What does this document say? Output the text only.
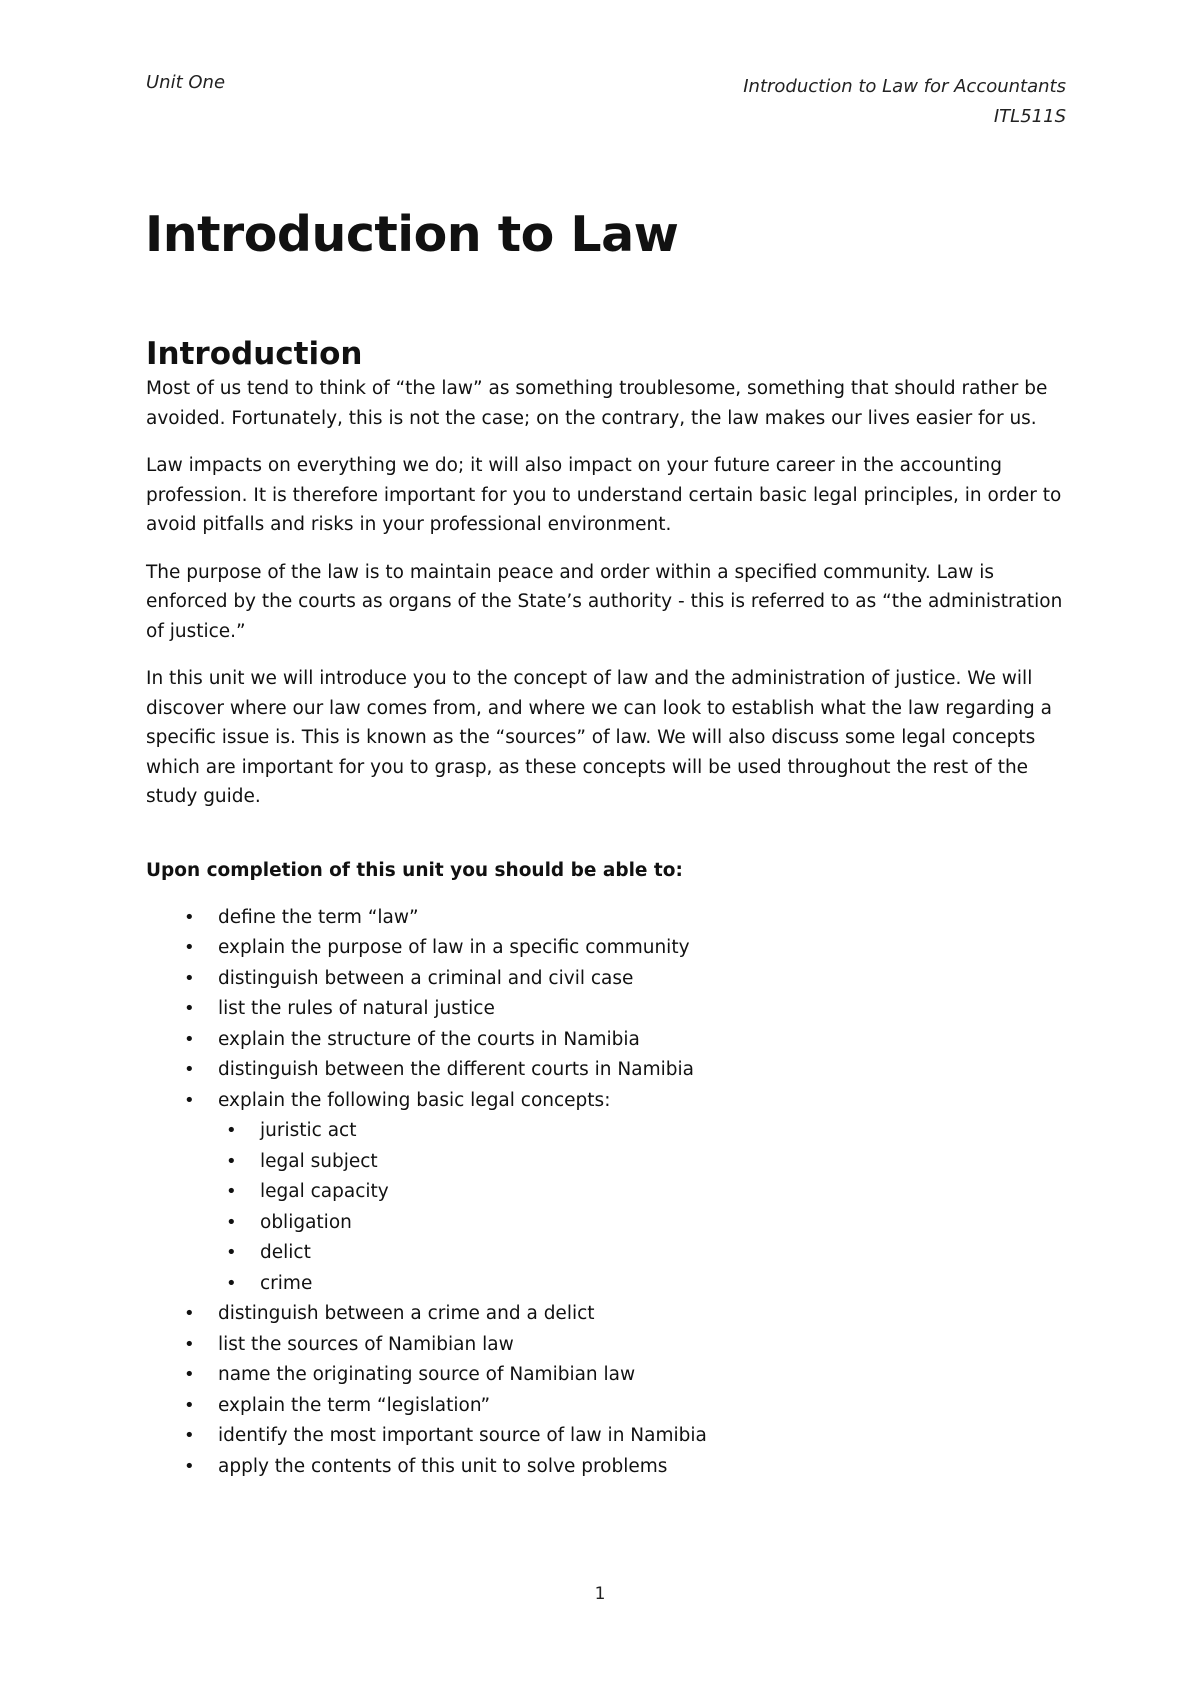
Unit One	Introduction to Law for Accountants
ITL511S
Introduction to Law
Introduction

Most of us tend to think of “the law” as something troublesome, something that should rather be avoided. Fortunately, this is not the case; on the contrary, the law makes our lives easier for us.

Law impacts on everything we do; it will also impact on your future career in the accounting profession. It is therefore important for you to understand certain basic legal principles, in order to avoid pitfalls and risks in your professional environment.

The purpose of the law is to maintain peace and order within a specified community. Law is enforced by the courts as organs of the State’s authority - this is referred to as “the administration of justice.”

In this unit we will introduce you to the concept of law and the administration of justice. We will discover where our law comes from, and where we can look to establish what the law regarding a specific issue is. This is known as the “sources” of law. We will also discuss some legal concepts which are important for you to grasp, as these concepts will be used throughout the rest of the study guide.

Upon completion of this unit you should be able to:
• define the term “law”
• explain the purpose of law in a specific community
• distinguish between a criminal and civil case
• list the rules of natural justice
• explain the structure of the courts in Namibia
• distinguish between the different courts in Namibia
• explain the following basic legal concepts:
• juristic act
• legal subject
• legal capacity
• obligation
• delict
• crime
• distinguish between a crime and a delict
• list the sources of Namibian law
• name the originating source of Namibian law
• explain the term “legislation”
• identify the most important source of law in Namibia
• apply the contents of this unit to solve problems
1
